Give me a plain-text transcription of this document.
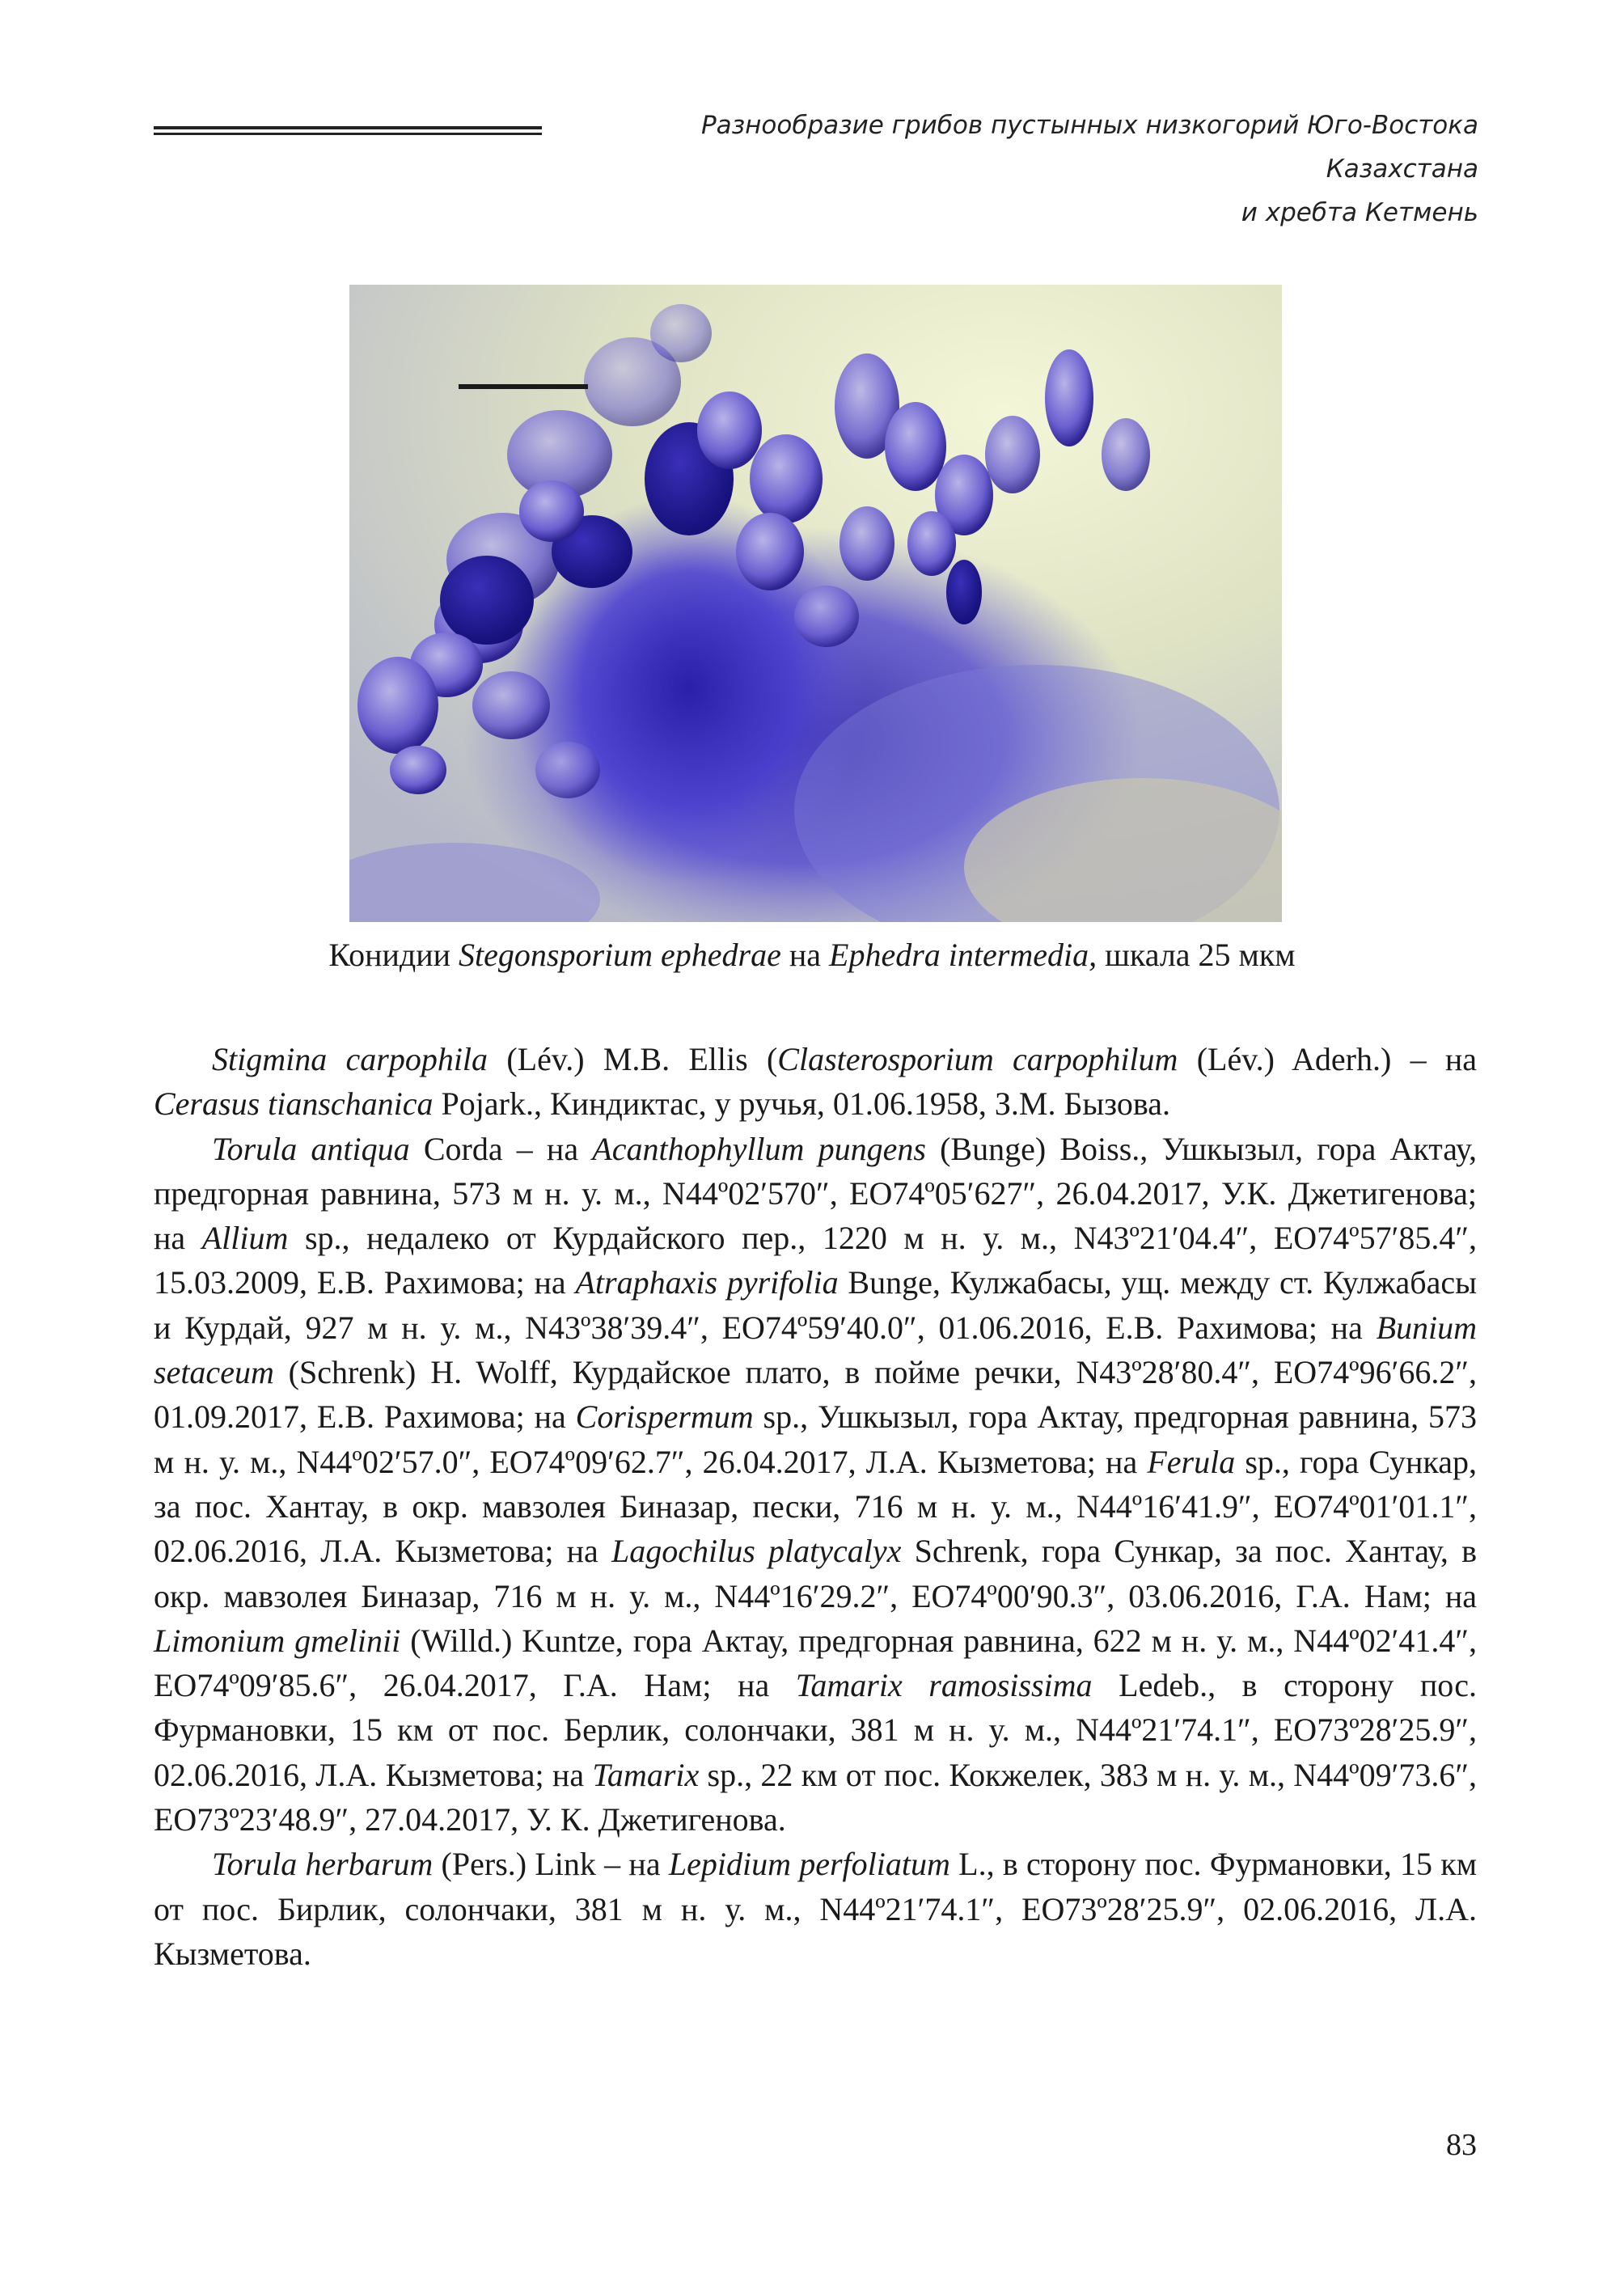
Разнообразие грибов пустынных низкогорий Юго-Востока Казахстана
и хребта Кетмень
Конидии Stegonsporium ephedrae на Ephedra intermedia, шкала 25 мкм

Stigmina carpophila (Lév.) M.B. Ellis (Clasterosporium carpophilum (Lév.) Aderh.) – на Cerasus tianschanica Pojark., Киндиктас, у ручья, 01.06.1958, З.М. Бызова.

Torula antiqua Corda – на Acanthophyllum pungens (Bunge) Boiss., Ушкызыл, гора Актау, предгорная равнина, 573 м н. у. м., N44º02′570″, EO74º05′627″, 26.04.2017, У.К. Джетигенова; на Allium sp., недалеко от Курдайского пер., 1220 м н. у. м., N43º21′04.4″, EO74º57′85.4″, 15.03.2009, Е.В. Рахимова; на Atraphaxis pyrifolia Bunge, Кулжабасы, ущ. между ст. Кулжабасы и Курдай, 927 м н. у. м., N43º38′39.4″, EO74º59′40.0″, 01.06.2016, Е.В. Рахимова; на Bunium setaceum (Schrenk) H. Wolff, Курдайское плато, в пойме речки, N43º28′80.4″, EO74º96′66.2″, 01.09.2017, Е.В. Рахимова; на Corispermum sp., Ушкызыл, гора Актау, предгорная равнина, 573 м н. у. м., N44º02′57.0″, EO74º09′62.7″, 26.04.2017, Л.А. Кызметова; на Ferula sp., гора Сункар, за пос. Хантау, в окр. мавзолея Биназар, пески, 716 м н. у. м., N44º16′41.9″, EO74º01′01.1″, 02.06.2016, Л.А. Кызметова; на Lagochilus platycalyx Schrenk, гора Сункар, за пос. Хантау, в окр. мавзолея Биназар, 716 м н. у. м., N44º16′29.2″, EO74º00′90.3″, 03.06.2016, Г.А. Нам; на Limonium gmelinii (Willd.) Kuntze, гора Актау, предгорная равнина, 622 м н. у. м., N44º02′41.4″, EO74º09′85.6″, 26.04.2017, Г.А. Нам; на Tamarix ramosissima Ledeb., в сторону пос. Фурмановки, 15 км от пос. Берлик, солончаки, 381 м н. у. м., N44º21′74.1″, EO73º28′25.9″, 02.06.2016, Л.А. Кызметова; на Tamarix sp., 22 км от пос. Кокжелек, 383 м н. у. м., N44º09′73.6″, EO73º23′48.9″, 27.04.2017, У. К. Джетигенова.

Torula herbarum (Pers.) Link – на Lepidium perfoliatum L., в сторону пос. Фурмановки, 15 км от пос. Бирлик, солончаки, 381 м н. у. м., N44º21′74.1″, EO73º28′25.9″, 02.06.2016, Л.А. Кызметова.

83
